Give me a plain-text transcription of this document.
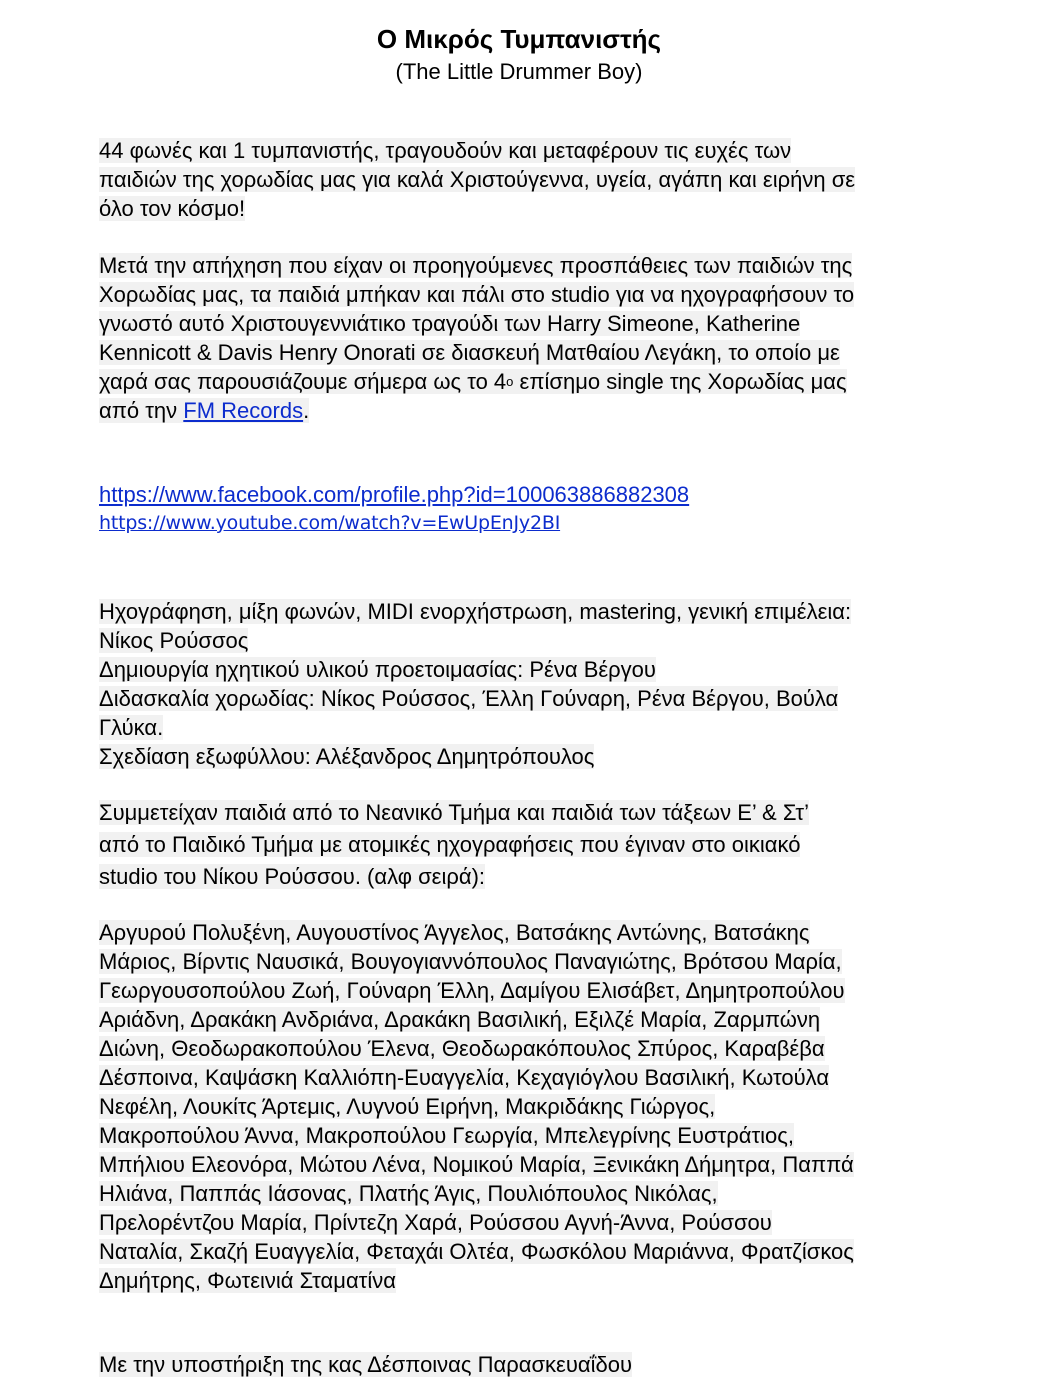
Ο Μικρός Τυμπανιστής
(The Little Drummer Boy)
44 φωνές και 1 τυμπανιστής, τραγουδούν και μεταφέρουν τις ευχές των
παιδιών της χορωδίας μας για καλά Χριστούγεννα, υγεία, αγάπη και ειρήνη σε
όλο τον κόσμο!
Μετά την απήχηση που είχαν οι προηγούμενες προσπάθειες των παιδιών της
Χορωδίας μας, τα παιδιά μπήκαν και πάλι στο studio για να ηχογραφήσουν το
γνωστό αυτό Χριστουγεννιάτικο τραγούδι των Harry Simeone, Katherine
Kennicott & Davis Henry Onorati σε διασκευή Ματθαίου Λεγάκη, το οποίο με
χαρά σας παρουσιάζουμε σήμερα ως το $4^o$ επίσημο single της Χορωδίας μας
από την FM Records.
https://www.facebook.com/profile.php?id=100063886882308
https://www.youtube.com/watch?v=EwUpEnJy2BI
Ηχογράφηση, μίξη φωνών, MIDI ενορχήστρωση, mastering, γενική επιμέλεια:
Νίκος Ρούσσος
Δημιουργία ηχητικού υλικού προετοιμασίας: Ρένα Βέργου
Διδασκαλία χορωδίας: Νίκος Ρούσσος, Έλλη Γούναρη, Ρένα Βέργου, Βούλα
Γλύκα.
Σχεδίαση εξωφύλλου: Αλέξανδρος Δημητρόπουλος
Συμμετείχαν παιδιά από το Νεανικό Τμήμα και παιδιά των τάξεων Ε’ & Στ’
από το Παιδικό Τμήμα με ατομικές ηχογραφήσεις που έγιναν στο οικιακό
studio του Νίκου Ρούσσου. (αλφ σειρά):
Αργυρού Πολυξένη, Αυγουστίνος Άγγελος, Βατσάκης Αντώνης, Βατσάκης
Μάριος, Βίρντις Ναυσικά, Βουγογιαννόπουλος Παναγιώτης, Βρότσου Μαρία,
Γεωργουσοπούλου Ζωή, Γούναρη Έλλη, Δαμίγου Ελισάβετ, Δημητροπούλου
Αριάδνη, Δρακάκη Ανδριάνα, Δρακάκη Βασιλική, Εξιλζέ Μαρία, Ζαρμπώνη
Διώνη, Θεοδωρακοπούλου Έλενα, Θεοδωρακόπουλος Σπύρος, Καραβέβα
Δέσποινα, Καψάσκη Καλλιόπη-Ευαγγελία, Κεχαγιόγλου Βασιλική, Κωτούλα
Νεφέλη, Λουκίτς Άρτεμις, Λυγνού Ειρήνη, Μακριδάκης Γιώργος,
Μακροπούλου Άννα, Μακροπούλου Γεωργία, Μπελεγρίνης Ευστράτιος,
Μπήλιου Ελεονόρα, Μώτου Λένα, Νομικού Μαρία, Ξενικάκη Δήμητρα, Παππά
Ηλιάνα, Παππάς Ιάσονας, Πλατής Άγις, Πουλιόπουλος Νικόλας,
Πρελορέντζου Μαρία, Πρίντεζη Χαρά, Ρούσσου Αγνή-Άννα, Ρούσσου
Ναταλία, Σκαζή Ευαγγελία, Φεταχάι Ολτέα, Φωσκόλου Μαριάννα, Φρατζίσκος
Δημήτρης, Φωτεινιά Σταματίνα
Με την υποστήριξη της κας Δέσποινας Παρασκευαΐδου
